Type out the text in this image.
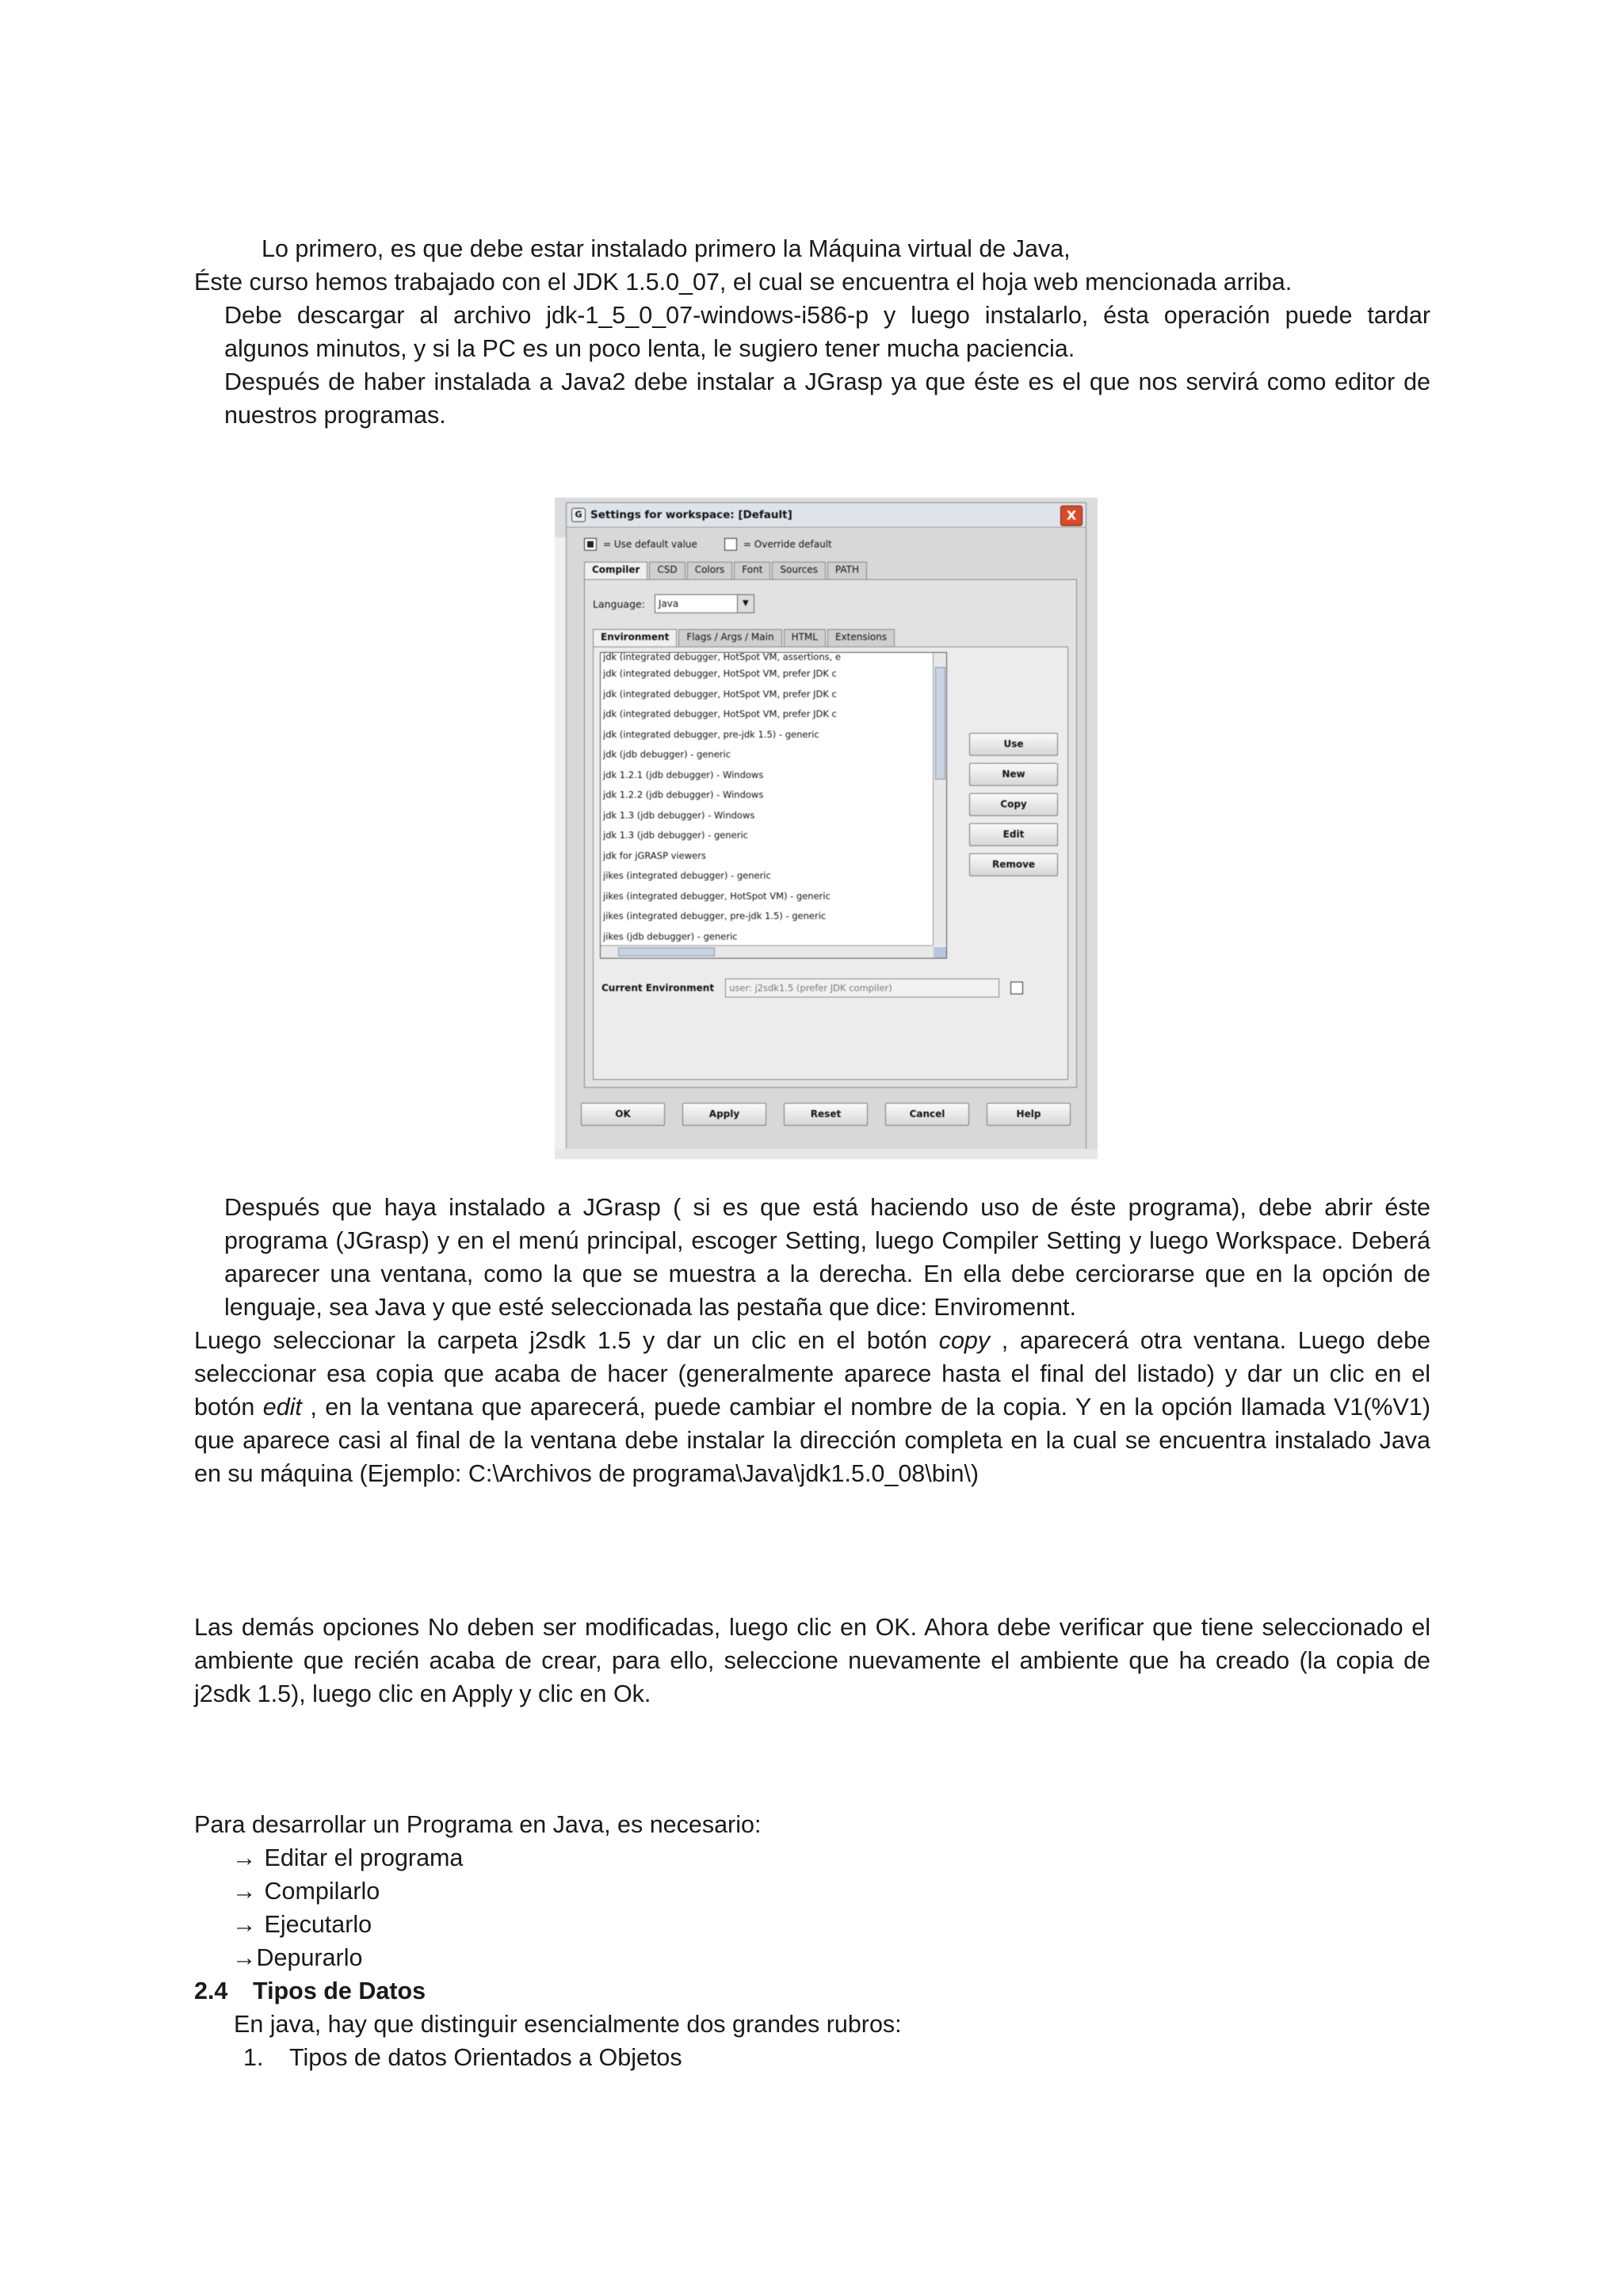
Lo primero, es que debe estar instalado primero la Máquina virtual de Java,

Éste curso hemos trabajado con el JDK 1.5.0_07, el cual se encuentra el hoja web mencionada arriba.

Debe descargar al archivo jdk-1_5_0_07-windows-i586-p y luego instalarlo, ésta operación puede tardar algunos minutos, y si la PC es un poco lenta, le sugiero tener mucha paciencia.

Después de haber instalada a Java2 debe instalar a JGrasp ya que éste es el que nos servirá como editor de nuestros programas.

G Settings for workspace: [Default]	X
= Use default value	= Override default
Compiler	CSD	Colors	Font	Sources	PATH
Language: Java	▼
Environment	Flags / Args / Main	HTML	Extensions
jdk (integrated debugger, HotSpot VM, assertions, e
jdk (integrated debugger, HotSpot VM, prefer JDK c
jdk (integrated debugger, HotSpot VM, prefer JDK c
jdk (integrated debugger, HotSpot VM, prefer JDK c
jdk (integrated debugger, pre-jdk 1.5) - generic
jdk (jdb debugger) - generic
jdk 1.2.1 (jdb debugger) - Windows
jdk 1.2.2 (jdb debugger) - Windows
jdk 1.3 (jdb debugger) - Windows
jdk 1.3 (jdb debugger) - generic
jdk for jGRASP viewers
jikes (integrated debugger) - generic
jikes (integrated debugger, HotSpot VM) - generic
jikes (integrated debugger, pre-jdk 1.5) - generic
jikes (jdb debugger) - generic
Use
New
Copy
Edit
Remove
Current Environment	user: j2sdk1.5 (prefer JDK compiler)
OK	Apply	Reset	Cancel	Help

Después que haya instalado a JGrasp ( si es que está haciendo uso de éste programa), debe abrir éste programa (JGrasp) y en el menú principal, escoger Setting, luego Compiler Setting y luego Workspace. Deberá aparecer una ventana, como la que se muestra a la derecha. En ella debe cerciorarse que en la opción de lenguaje, sea Java y que esté seleccionada las pestaña que dice: Enviromennt.

Luego seleccionar la carpeta j2sdk 1.5 y dar un clic en el botón copy , aparecerá otra ventana. Luego debe seleccionar esa copia que acaba de hacer (generalmente aparece hasta el final del listado) y dar un clic en el botón edit , en la ventana que aparecerá, puede cambiar el nombre de la copia. Y en la opción llamada V1(%V1) que aparece casi al final de la ventana debe instalar la dirección completa en la cual se encuentra instalado Java en su máquina (Ejemplo: C:\Archivos de programa\Java\jdk1.5.0_08\bin\)

Las demás opciones No deben ser modificadas, luego clic en OK. Ahora debe verificar que tiene seleccionado el ambiente que recién acaba de crear, para ello, seleccione nuevamente el ambiente que ha creado (la copia de j2sdk 1.5), luego clic en Apply y clic en Ok.

Para desarrollar un Programa en Java, es necesario:

→ Editar el programa

→ Compilarlo

→ Ejecutarlo

→Depurarlo

2.4 Tipos de Datos

En java, hay que distinguir esencialmente dos grandes rubros:

1. Tipos de datos Orientados a Objetos
